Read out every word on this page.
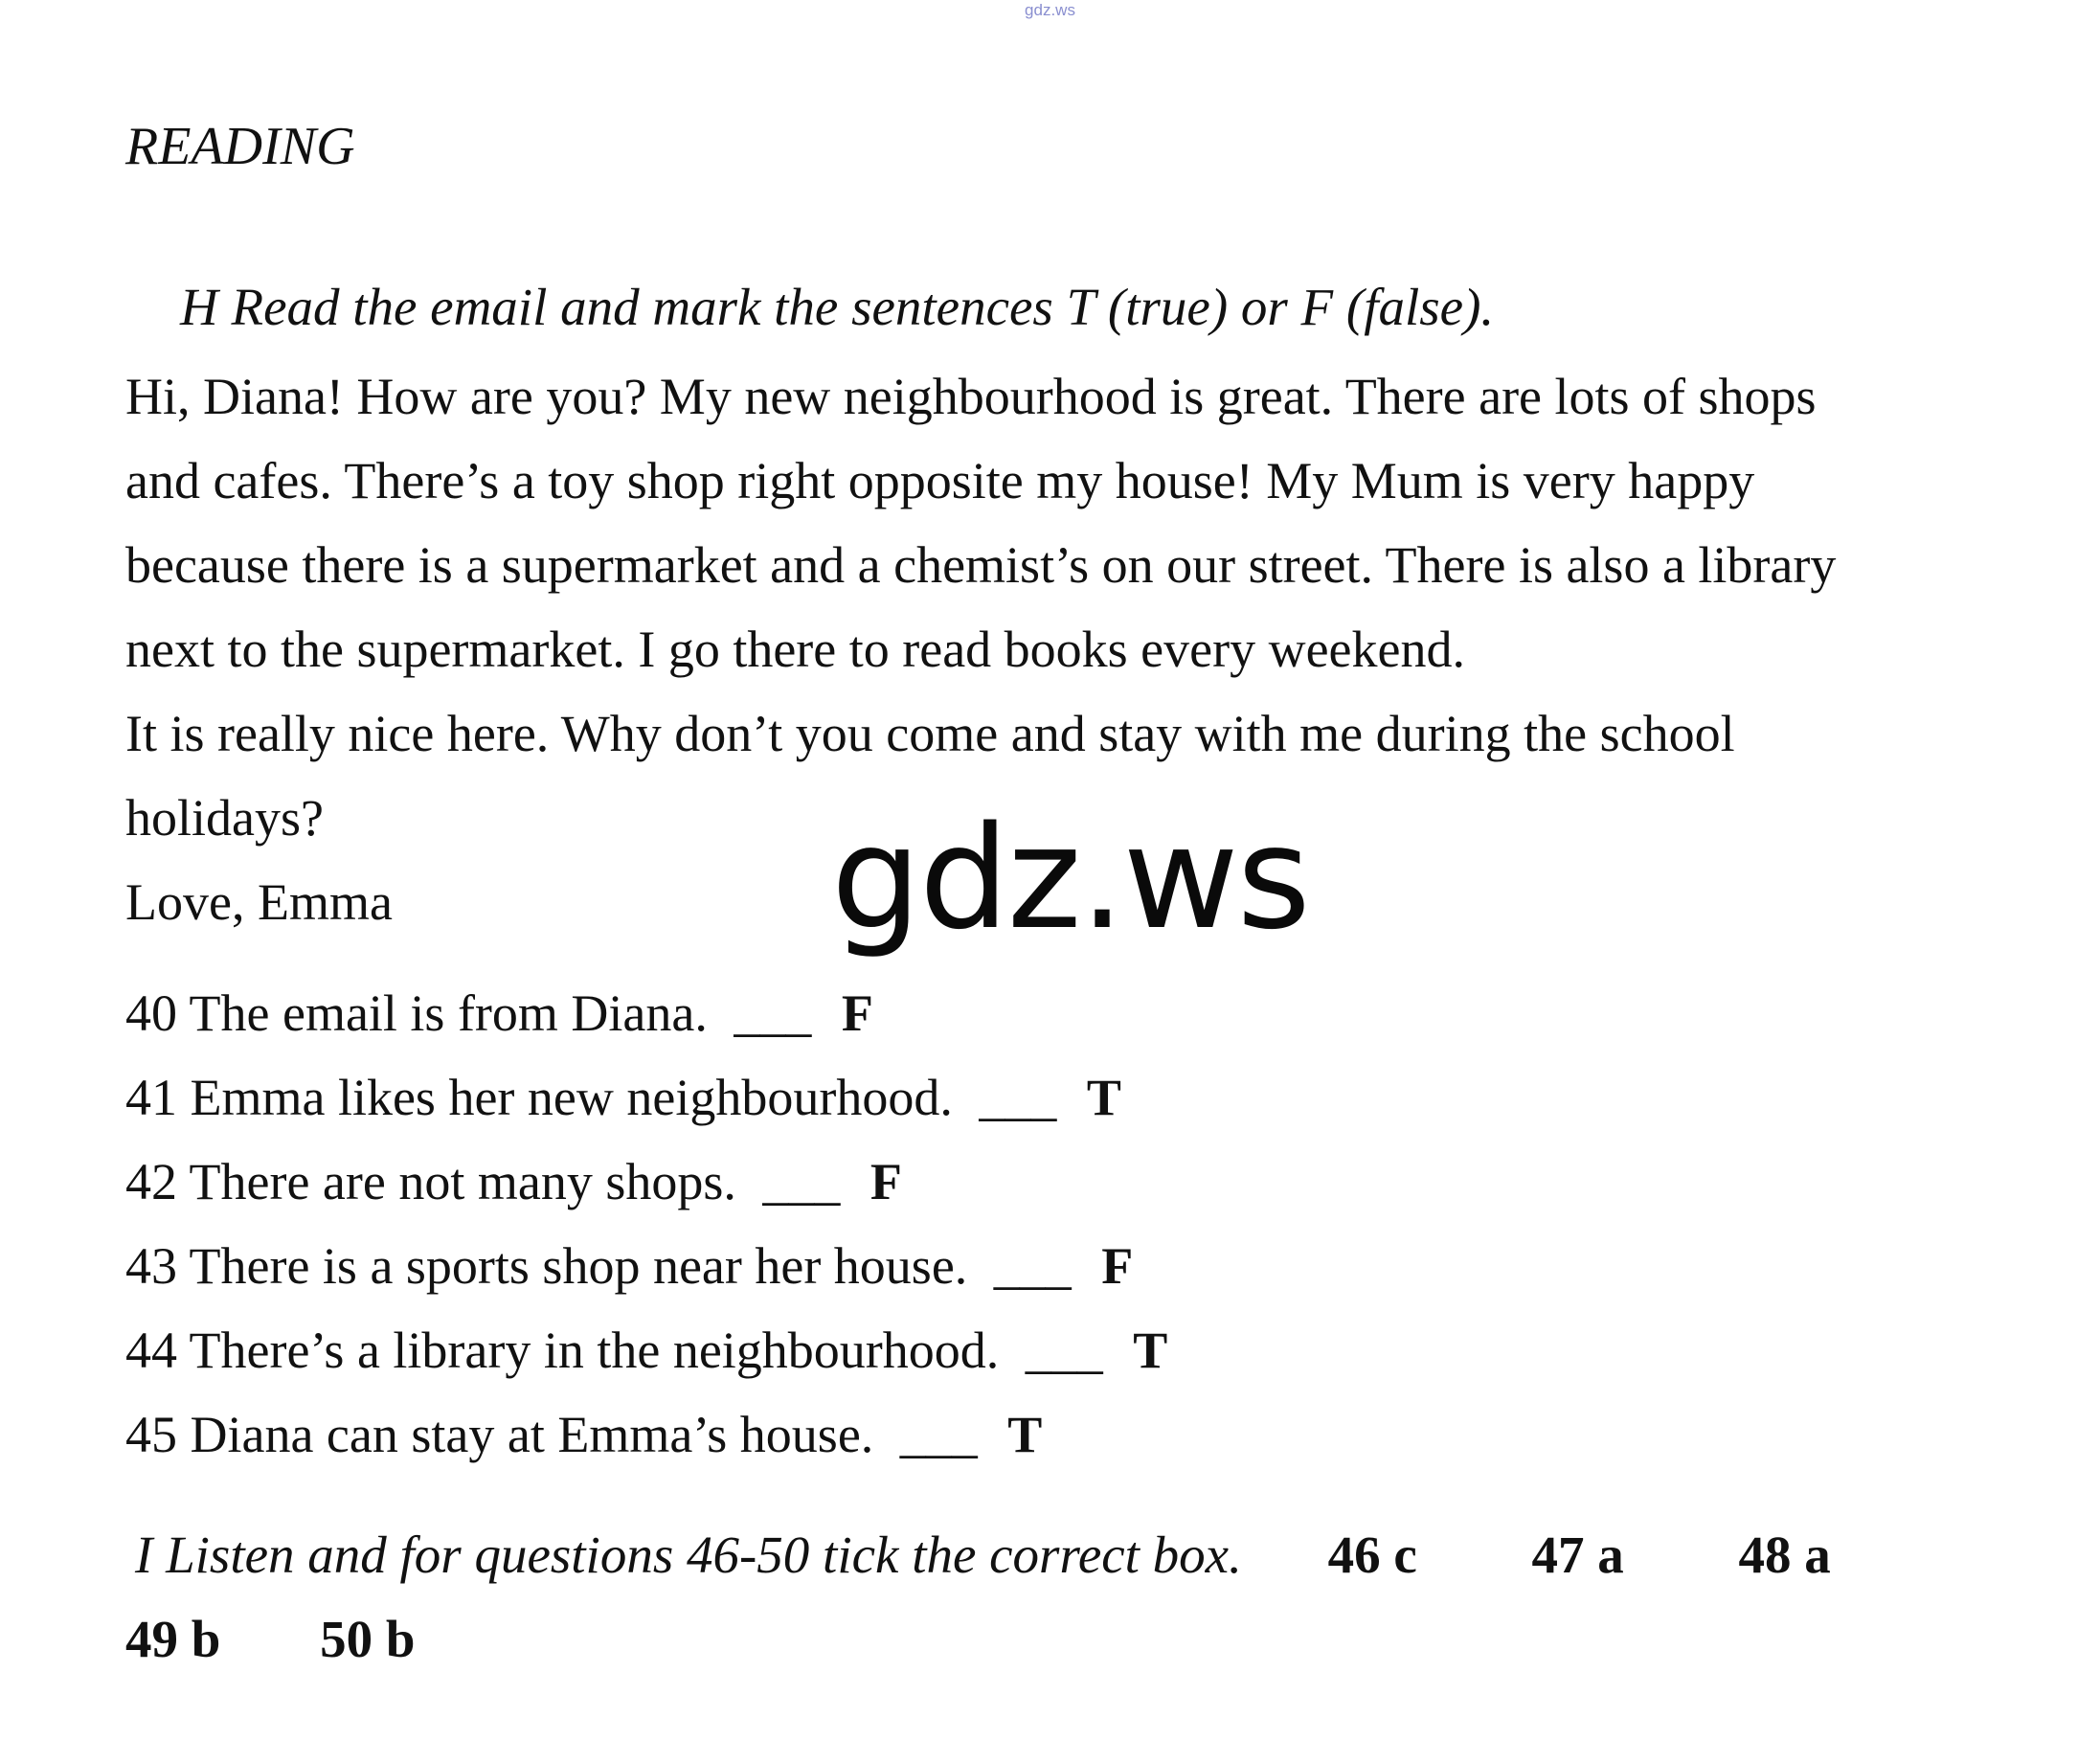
gdz.ws
READING
H Read the email and mark the sentences T (true) or F (false).
Hi, Diana! How are you? My new neighbourhood is great. There are lots of shops
and cafes. There’s a toy shop right opposite my house! My Mum is very happy
because there is a supermarket and a chemist’s on our street. There is also a library
next to the supermarket. I go there to read books every weekend.
It is really nice here. Why don’t you come and stay with me during the school
holidays?
Love, Emma	gdz.ws
40 The email is from Diana. ___ F
41 Emma likes her new neighbourhood. ___ T
42 There are not many shops. ___ F
43 There is a sports shop near her house. ___ F
44 There’s a library in the neighbourhood. ___ T
45 Diana can stay at Emma’s house. ___ T
I Listen and for questions 46-50 tick the correct box. 46 c 47 a 48 a
49 b 50 b
